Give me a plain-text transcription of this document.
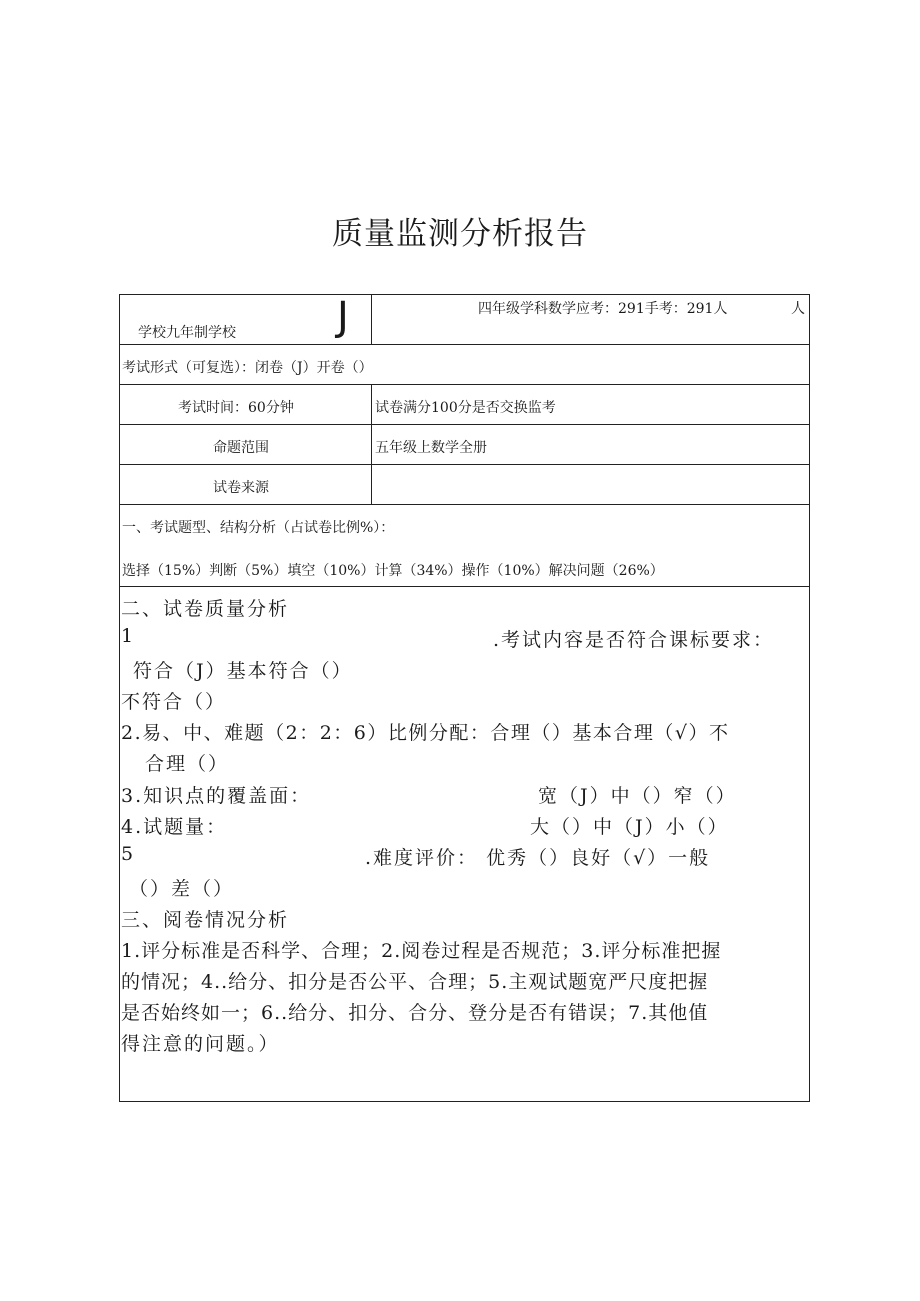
质量监测分析报告
学校九年制学校	J	四年级学科数学应考：291手考：291人	人
考试形式（可复选）：闭卷（J）开卷（）
考试时间：60分钟	试卷满分100分是否交换监考
命题范围	五年级上数学全册
试卷来源
一、考试题型、结构分析（占试卷比例%）：
选择（15%）判断（5%）填空（10%）计算（34%）操作（10%）解决问题（26%）
二、试卷质量分析
1	.考试内容是否符合课标要求：
符合（J）基本符合（）
不符合（）
2.易、中、难题（2：2：6）比例分配：合理（）基本合理（√）不
合理（）
3.知识点的覆盖面：	宽（J）中（）窄（）
4.试题量：	大（）中（J）小（）
5	.难度评价： 优秀（）良好（√）一般
（）差（）
三、阅卷情况分析
1.评分标准是否科学、合理；2.阅卷过程是否规范；3.评分标准把握
的情况；4..给分、扣分是否公平、合理；5.主观试题宽严尺度把握
是否始终如一；6..给分、扣分、合分、登分是否有错误；7.其他值
得注意的问题。）
